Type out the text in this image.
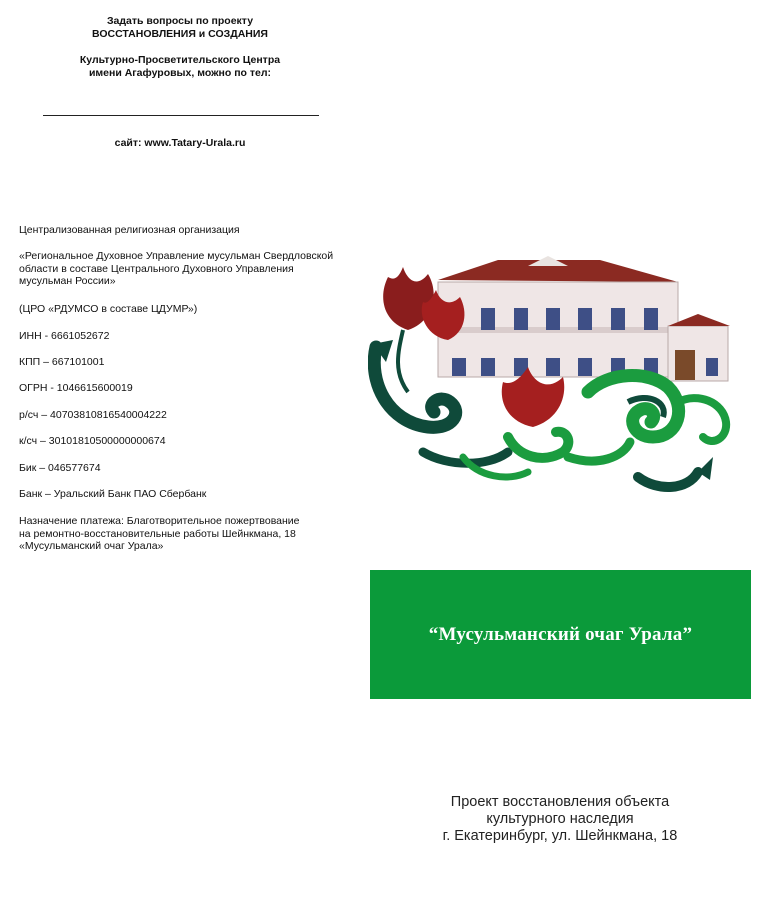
Задать вопросы по проекту
ВОССТАНОВЛЕНИЯ и СОЗДАНИЯ
Культурно-Просветительского Центра
имени Агафуровых, можно по тел:
сайт: www.Tatary-Urala.ru
Централизованная религиозная организация
«Региональное Духовное Управление мусульман Свердловской области в составе Центрального Духовного Управления мусульман России»
(ЦРО «РДУМСО в составе ЦДУМР»)
ИНН - 6661052672
КПП – 667101001
ОГРН - 1046615600019
р/сч – 40703810816540004222
к/сч – 30101810500000000674
Бик – 046577674
Банк – Уральский Банк ПАО Сбербанк
Назначение платежа: Благотворительное пожертвование
на ремонтно-восстановительные работы Шейнкмана, 18
«Мусульманский очаг Урала»
“Мусульманский очаг Урала”
Проект восстановления объекта
культурного наследия
г. Екатеринбург, ул. Шейнкмана, 18
